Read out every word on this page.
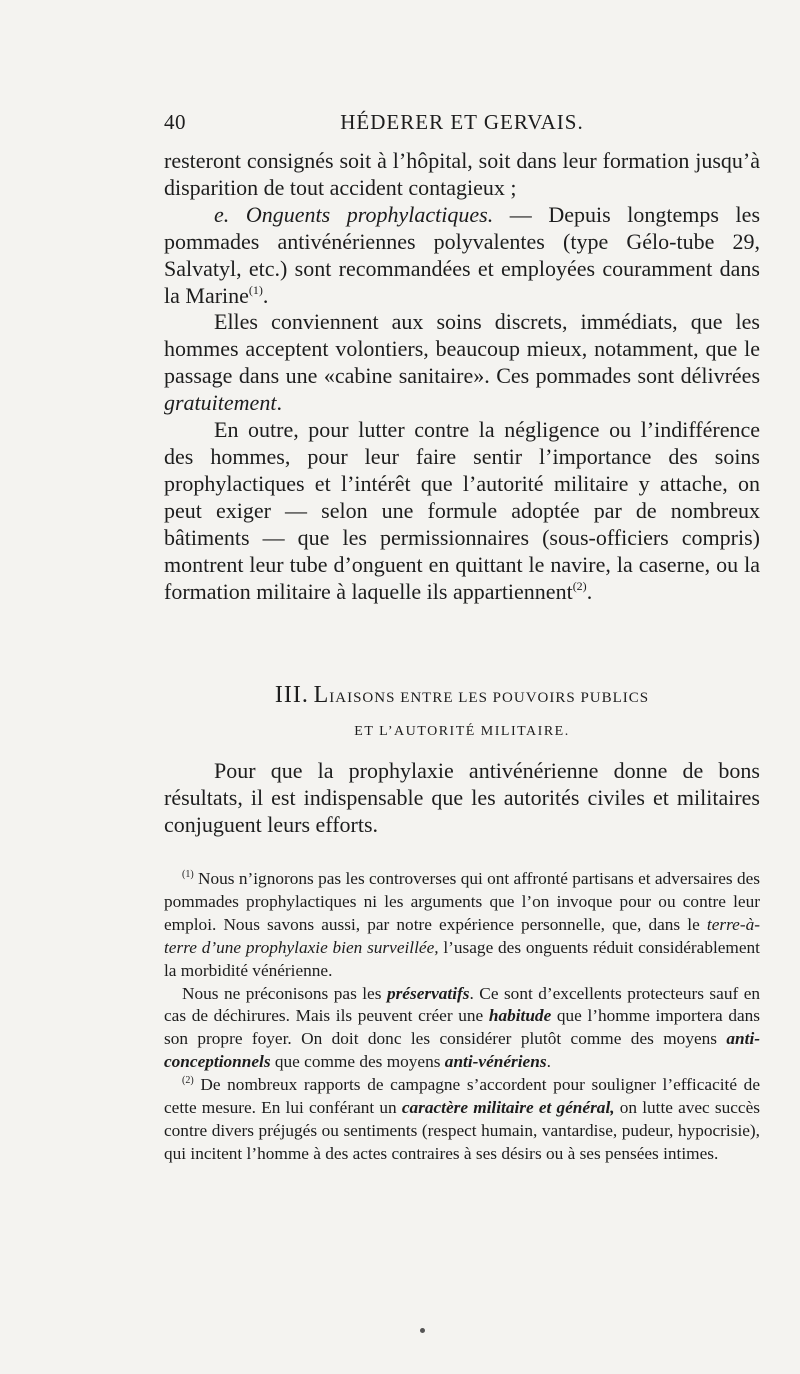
40	HÉDERER ET GERVAIS.

resteront consignés soit à l’hôpital, soit dans leur formation jusqu’à disparition de tout accident contagieux ;

e. Onguents prophylactiques. — Depuis longtemps les pommades antivénériennes polyvalentes (type Gélo-tube 29, Salvatyl, etc.) sont recommandées et employées couramment dans la Marine$^{(1)}$.

Elles conviennent aux soins discrets, immédiats, que les hommes acceptent volontiers, beaucoup mieux, notamment, que le passage dans une «cabine sanitaire». Ces pommades sont délivrées gratuitement.

En outre, pour lutter contre la négligence ou l’indifférence des hommes, pour leur faire sentir l’importance des soins prophylactiques et l’intérêt que l’autorité militaire y attache, on peut exiger — selon une formule adoptée par de nombreux bâtiments — que les permissionnaires (sous-officiers compris) montrent leur tube d’onguent en quittant le navire, la caserne, ou la formation militaire à laquelle ils appartiennent$^{(2)}$.

III. LIAISONS ENTRE LES POUVOIRS PUBLICS
ET L’AUTORITÉ MILITAIRE.

Pour que la prophylaxie antivénérienne donne de bons résultats, il est indispensable que les autorités civiles et militaires conjuguent leurs efforts.

$^{(1)}$ Nous n’ignorons pas les controverses qui ont affronté partisans et adversaires des pommades prophylactiques ni les arguments que l’on invoque pour ou contre leur emploi. Nous savons aussi, par notre expérience personnelle, que, dans le terre-à-terre d’une prophylaxie bien surveillée, l’usage des onguents réduit considérablement la morbidité vénérienne.

Nous ne préconisons pas les préservatifs. Ce sont d’excellents protecteurs sauf en cas de déchirures. Mais ils peuvent créer une habitude que l’homme importera dans son propre foyer. On doit donc les considérer plutôt comme des moyens anti-conceptionnels que comme des moyens anti-vénériens.

$^{(2)}$ De nombreux rapports de campagne s’accordent pour souligner l’efficacité de cette mesure. En lui conférant un caractère militaire et général, on lutte avec succès contre divers préjugés ou sentiments (respect humain, vantardise, pudeur, hypocrisie), qui incitent l’homme à des actes contraires à ses désirs ou à ses pensées intimes.
